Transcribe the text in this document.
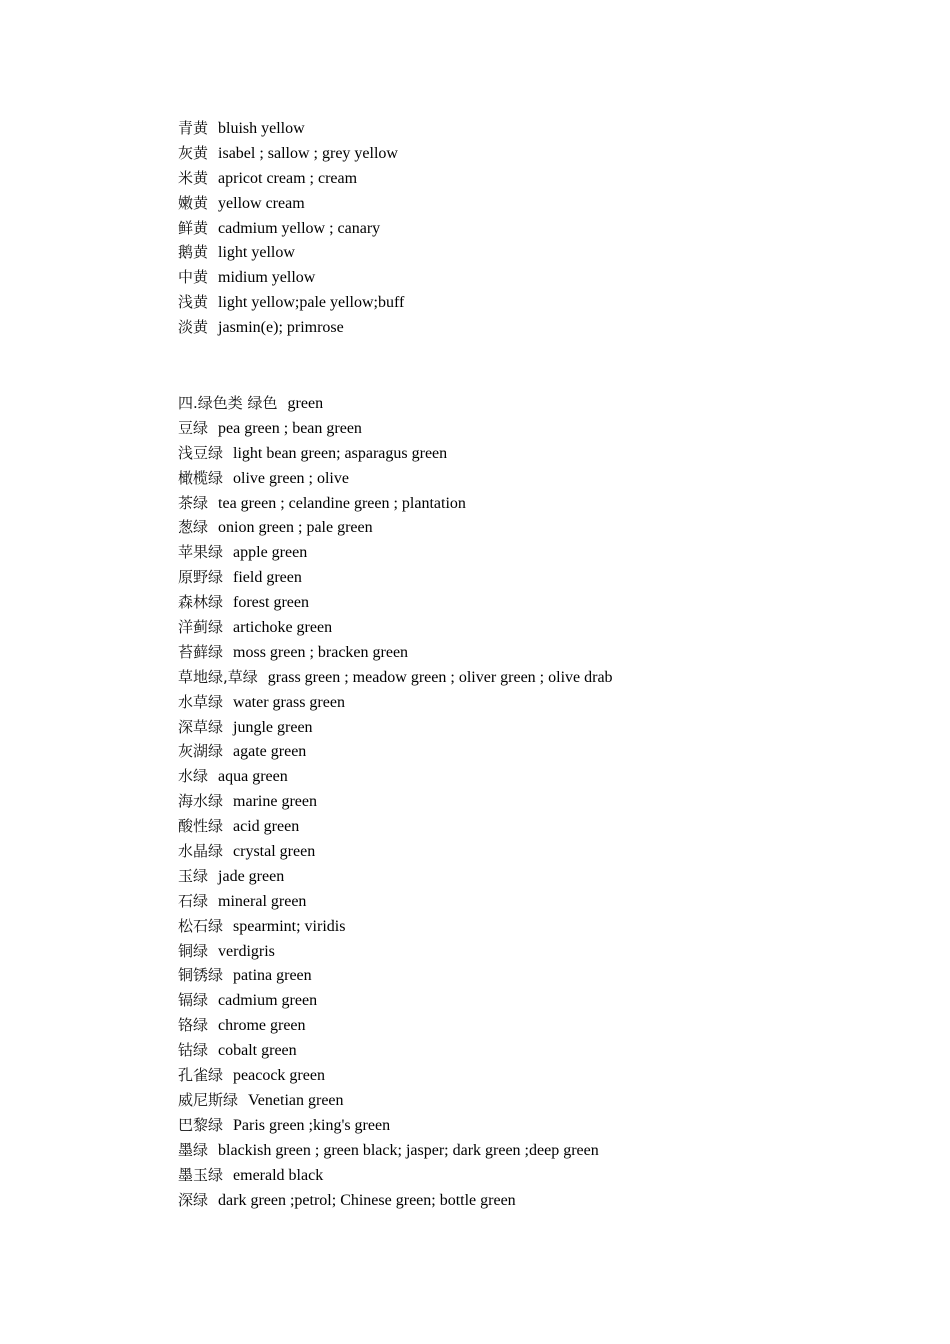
青黄 bluish yellow
灰黄 isabel ; sallow ; grey yellow
米黄 apricot cream ; cream
嫩黄 yellow cream
鲜黄 cadmium yellow ; canary
鹅黄 light yellow
中黄 midium yellow
浅黄 light yellow;pale yellow;buff
淡黄 jasmin(e); primrose
四.绿色类 绿色 green
豆绿 pea green ; bean green
浅豆绿 light bean green; asparagus green
橄榄绿 olive green ; olive
茶绿 tea green ; celandine green ; plantation
葱绿 onion green ; pale green
苹果绿 apple green
原野绿 field green
森林绿 forest green
洋蓟绿 artichoke green
苔藓绿 moss green ; bracken green
草地绿,草绿 grass green ; meadow green ; oliver green ; olive drab
水草绿 water grass green
深草绿 jungle green
灰湖绿 agate green
水绿 aqua green
海水绿 marine green
酸性绿 acid green
水晶绿 crystal green
玉绿 jade green
石绿 mineral green
松石绿 spearmint; viridis
铜绿 verdigris
铜锈绿 patina green
镉绿 cadmium green
铬绿 chrome green
钴绿 cobalt green
孔雀绿 peacock green
威尼斯绿 Venetian green
巴黎绿 Paris green ;king's green
墨绿 blackish green ; green black; jasper; dark green ;deep green
墨玉绿 emerald black
深绿 dark green ;petrol; Chinese green; bottle green
